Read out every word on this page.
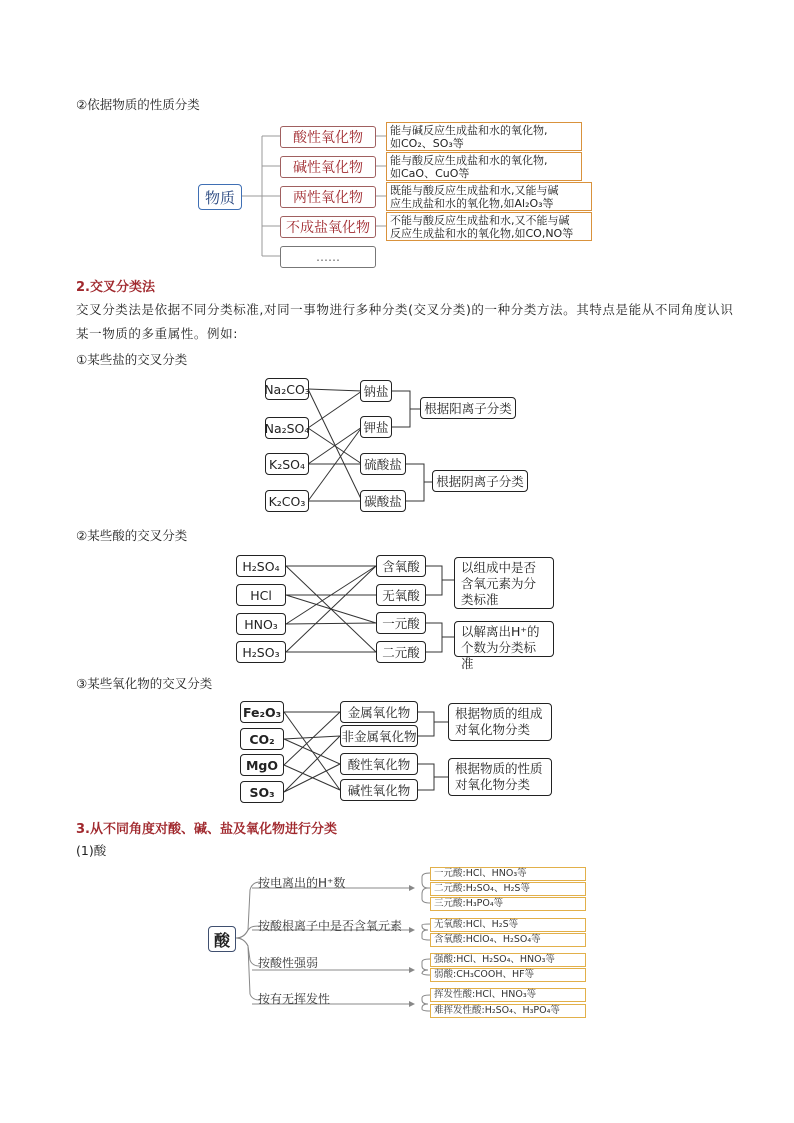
②依据物质的性质分类
物质
酸性氧化物
碱性氧化物
两性氧化物
不成盐氧化物
……
能与碱反应生成盐和水的氧化物,
如CO₂、SO₃等
能与酸反应生成盐和水的氧化物,
如CaO、CuO等
既能与酸反应生成盐和水,又能与碱
应生成盐和水的氧化物,如Al₂O₃等
不能与酸反应生成盐和水,又不能与碱
反应生成盐和水的氧化物,如CO,NO等
2.交叉分类法
交叉分类法是依据不同分类标准,对同一事物进行多种分类(交叉分类)的一种分类方法。其特点是能从不同角度认识某一物质的多重属性。例如:
①某些盐的交叉分类
Na₂CO₃
Na₂SO₄
K₂SO₄
K₂CO₃
钠盐
钾盐
硫酸盐
碳酸盐
根据阳离子分类
根据阴离子分类
②某些酸的交叉分类
H₂SO₄
HCl
HNO₃
H₂SO₃
含氧酸
无氧酸
一元酸
二元酸
以组成中是否含氧元素为分类标准
以解离出H⁺的个数为分类标准
③某些氧化物的交叉分类
Fe₂O₃
CO₂
MgO
SO₃
金属氧化物
非金属氧化物
酸性氧化物
碱性氧化物
根据物质的组成对氧化物分类
根据物质的性质对氧化物分类
3.从不同角度对酸、碱、盐及氧化物进行分类
(1)酸
酸
按电离出的H⁺数
按酸根离子中是否含氧元素
按酸性强弱
按有无挥发性
一元酸:HCl、HNO₃等
二元酸:H₂SO₄、H₂S等
三元酸:H₃PO₄等
无氧酸:HCl、H₂S等
含氧酸:HClO₄、H₂SO₄等
强酸:HCl、H₂SO₄、HNO₃等
弱酸:CH₃COOH、HF等
挥发性酸:HCl、HNO₃等
难挥发性酸:H₂SO₄、H₃PO₄等
